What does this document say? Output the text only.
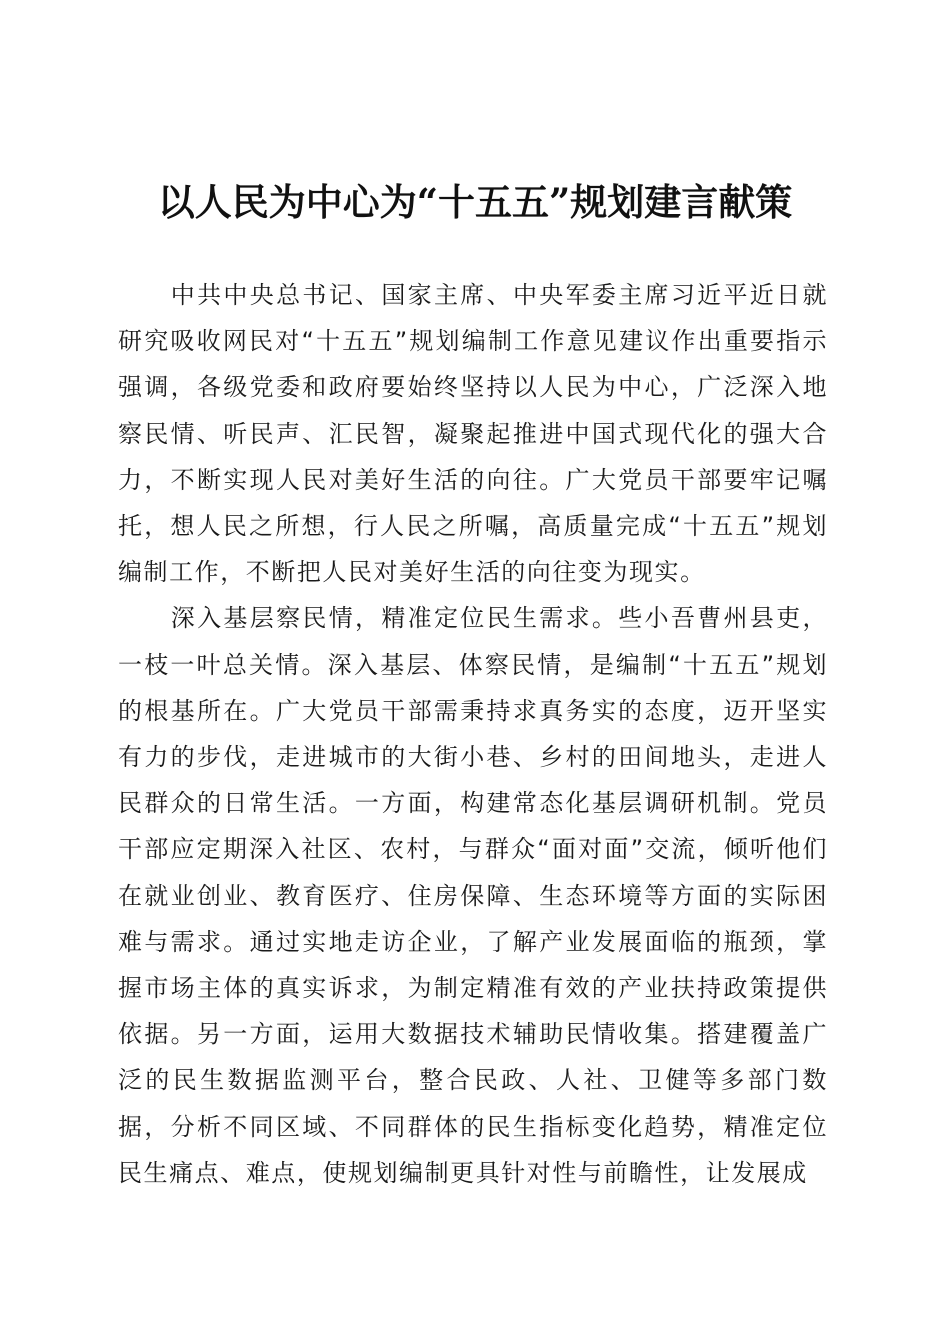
以人民为中心为“十五五”规划建言献策

中共中央总书记、国家主席、中央军委主席习近平近日就研究吸收网民对“十五五”规划编制工作意见建议作出重要指示强调，各级党委和政府要始终坚持以人民为中心，广泛深入地察民情、听民声、汇民智，凝聚起推进中国式现代化的强大合力，不断实现人民对美好生活的向往。广大党员干部要牢记嘱托，想人民之所想，行人民之所嘱，高质量完成“十五五”规划编制工作，不断把人民对美好生活的向往变为现实。

深入基层察民情，精准定位民生需求。些小吾曹州县吏，一枝一叶总关情。深入基层、体察民情，是编制“十五五”规划的根基所在。广大党员干部需秉持求真务实的态度，迈开坚实有力的步伐，走进城市的大街小巷、乡村的田间地头，走进人民群众的日常生活。一方面，构建常态化基层调研机制。党员干部应定期深入社区、农村，与群众“面对面”交流，倾听他们在就业创业、教育医疗、住房保障、生态环境等方面的实际困难与需求。通过实地走访企业，了解产业发展面临的瓶颈，掌握市场主体的真实诉求，为制定精准有效的产业扶持政策提供依据。另一方面，运用大数据技术辅助民情收集。搭建覆盖广泛的民生数据监测平台，整合民政、人社、卫健等多部门数据，分析不同区域、不同群体的民生指标变化趋势，精准定位民生痛点、难点，使规划编制更具针对性与前瞻性，让发展成
